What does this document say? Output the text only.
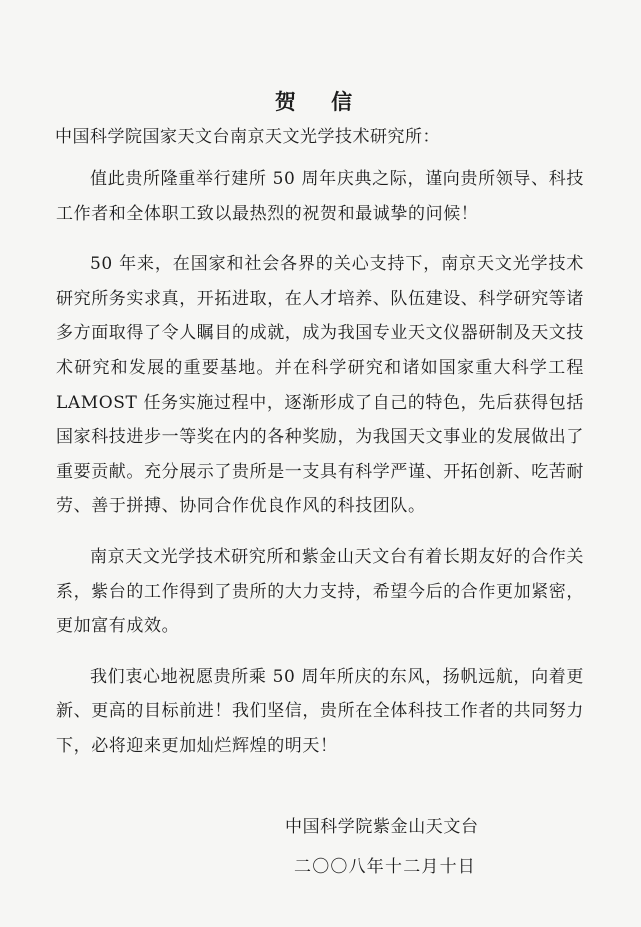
贺 信
中国科学院国家天文台南京天文光学技术研究所：

值此贵所隆重举行建所 50 周年庆典之际，谨向贵所领导、科技工作者和全体职工致以最热烈的祝贺和最诚挚的问候！

50 年来，在国家和社会各界的关心支持下，南京天文光学技术研究所务实求真，开拓进取，在人才培养、队伍建设、科学研究等诸多方面取得了令人瞩目的成就，成为我国专业天文仪器研制及天文技术研究和发展的重要基地。并在科学研究和诸如国家重大科学工程 LAMOST 任务实施过程中，逐渐形成了自己的特色，先后获得包括国家科技进步一等奖在内的各种奖励，为我国天文事业的发展做出了重要贡献。充分展示了贵所是一支具有科学严谨、开拓创新、吃苦耐劳、善于拼搏、协同合作优良作风的科技团队。

南京天文光学技术研究所和紫金山天文台有着长期友好的合作关系，紫台的工作得到了贵所的大力支持，希望今后的合作更加紧密，更加富有成效。

我们衷心地祝愿贵所乘 50 周年所庆的东风，扬帆远航，向着更新、更高的目标前进！我们坚信，贵所在全体科技工作者的共同努力下，必将迎来更加灿烂辉煌的明天！

中国科学院紫金山天文台
二〇〇八年十二月十日
